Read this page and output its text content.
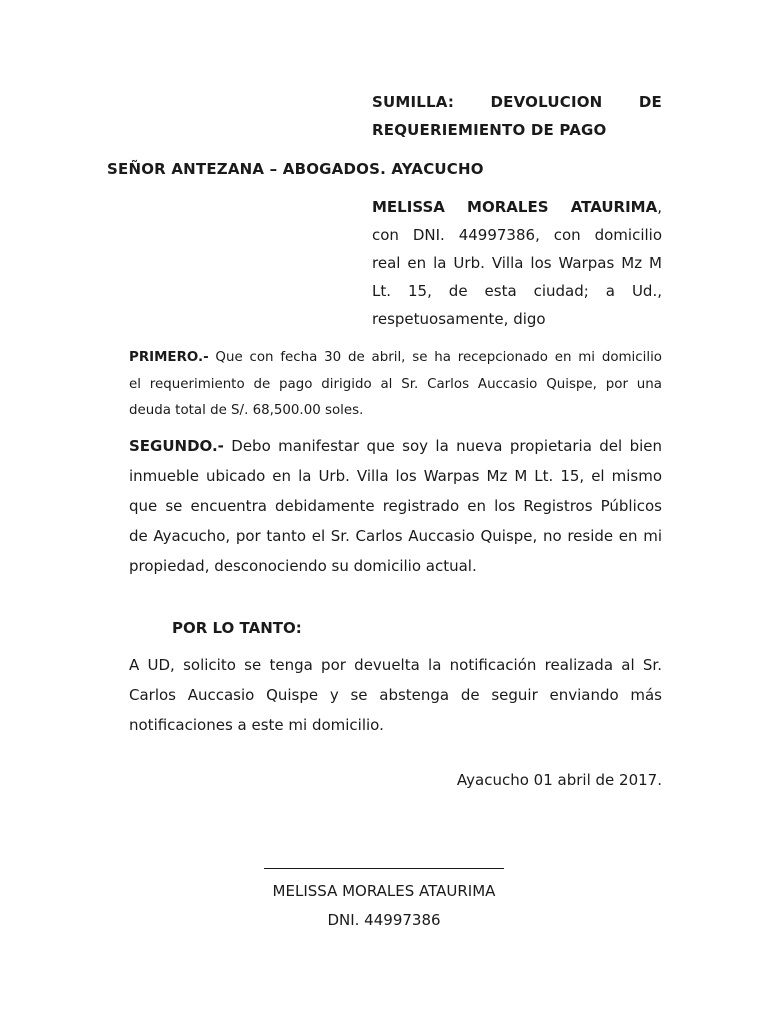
SUMILLA: DEVOLUCION DE
REQUERIEMIENTO DE PAGO
SEÑOR ANTEZANA – ABOGADOS. AYACUCHO
MELISSA MORALES ATAURIMA,
con DNI. 44997386, con domicilio
real en la Urb. Villa los Warpas Mz M
Lt. 15, de esta ciudad; a Ud.,
respetuosamente, digo
PRIMERO.- Que con fecha 30 de abril, se ha recepcionado en mi domicilio
el requerimiento de pago dirigido al Sr. Carlos Auccasio Quispe, por una
deuda total de S/. 68,500.00 soles.
SEGUNDO.- Debo manifestar que soy la nueva propietaria del bien
inmueble ubicado en la Urb. Villa los Warpas Mz M Lt. 15, el mismo
que se encuentra debidamente registrado en los Registros Públicos
de Ayacucho, por tanto el Sr. Carlos Auccasio Quispe, no reside en mi
propiedad, desconociendo su domicilio actual.
POR LO TANTO:
A UD, solicito se tenga por devuelta la notificación realizada al Sr.
Carlos Auccasio Quispe y se abstenga de seguir enviando más
notificaciones a este mi domicilio.
Ayacucho 01 abril de 2017.
MELISSA MORALES ATAURIMA
DNI. 44997386
